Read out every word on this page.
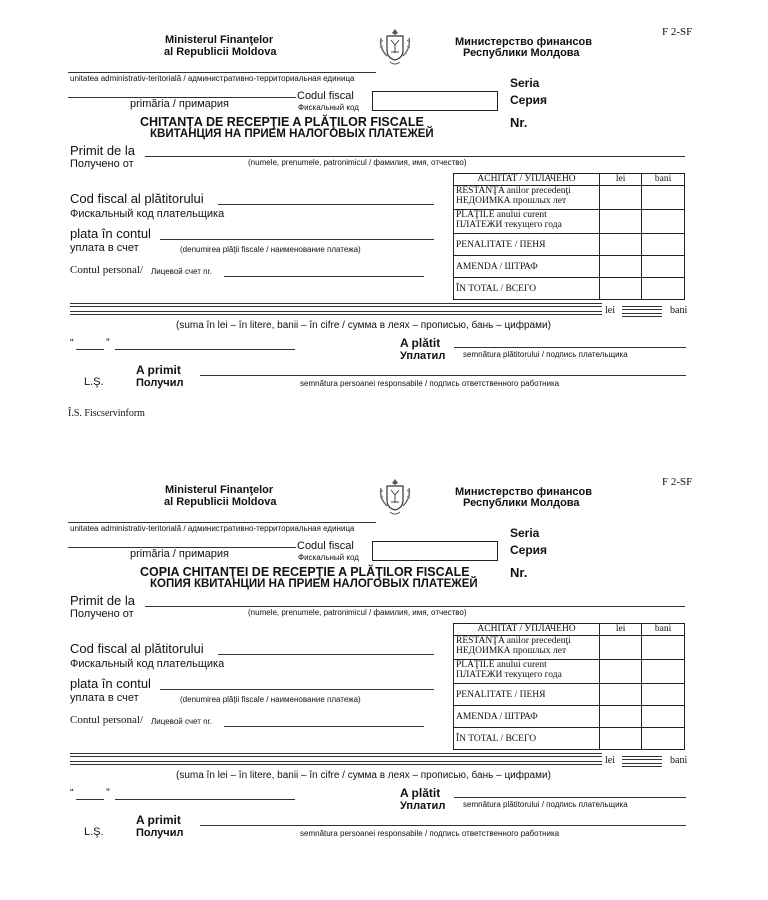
Ministerul Finanţelor
al Republicii Moldova
Министерство финансов
Республики Молдова
F 2-SF
unitatea administrativ-teritorială / административно-территориальная единица
Codul fiscal
primăria / примария	Фискальный код
Seria
Серия
Nr.
CHITANŢA DE RECEPŢIE A PLĂŢILOR FISCALE
КВИТАНЦИЯ НА ПРИЕМ НАЛОГОВЫХ ПЛАТЕЖЕЙ
Primit de la
Получено от	(numele, prenumele, patronimicul / фамилия, имя, отчество)
ACHITAT / УПЛАЧЕНО	lei	bani
RESTANŢA anilor precedenţi
НЕДОИМКА прошлых лет		
PLĂŢILE anului curent
ПЛАТЕЖИ текущего года		
PENALITATE / ПЕНЯ		
AMENDA / ШТРАФ		
ÎN TOTAL / ВСЕГО		
Cod fiscal al plătitorului
Фискальный код плательщика
plata în contul
уплата в счет	(denumirea plăţii fiscale / наименование платежа)
Contul personal/ Лицевой счет nr.
lei	bani
(suma în lei – în litere, banii – în cifre / сумма в леях – прописью, бань – цифрами)
“	”	A plătit
Уплатил semnătura plătitorului / подпись плательщика
A primit
L.Ş.	Получил	semnătura persoanei responsabile / подпись ответственного работника
Ministerul Finanţelor
al Republicii Moldova
Министерство финансов
Республики Молдова
F 2-SF
unitatea administrativ-teritorială / административно-территориальная единица
Codul fiscal
primăria / примария	Фискальный код
Seria
Серия
Nr.
COPIA CHITANŢEI DE RECEPŢIE A PLĂŢILOR FISCALE
КОПИЯ КВИТАНЦИИ НА ПРИЕМ НАЛОГОВЫХ ПЛАТЕЖЕЙ
Primit de la
Получено от	(numele, prenumele, patronimicul / фамилия, имя, отчество)
ACHITAT / УПЛАЧЕНО	lei	bani
RESTANŢA anilor precedenţi
НЕДОИМКА прошлых лет		
PLĂŢILE anului curent
ПЛАТЕЖИ текущего года		
PENALITATE / ПЕНЯ		
AMENDA / ШТРАФ		
ÎN TOTAL / ВСЕГО		
Cod fiscal al plătitorului
Фискальный код плательщика
plata în contul
уплата в счет	(denumirea plăţii fiscale / наименование платежа)
Contul personal/ Лицевой счет nr.
lei	bani
(suma în lei – în litere, banii – în cifre / сумма в леях – прописью, бань – цифрами)
“	”	A plătit
Уплатил semnătura plătitorului / подпись плательщика
A primit
L.Ş.	Получил	semnătura persoanei responsabile / подпись ответственного работника
Î.S. Fiscservinform
